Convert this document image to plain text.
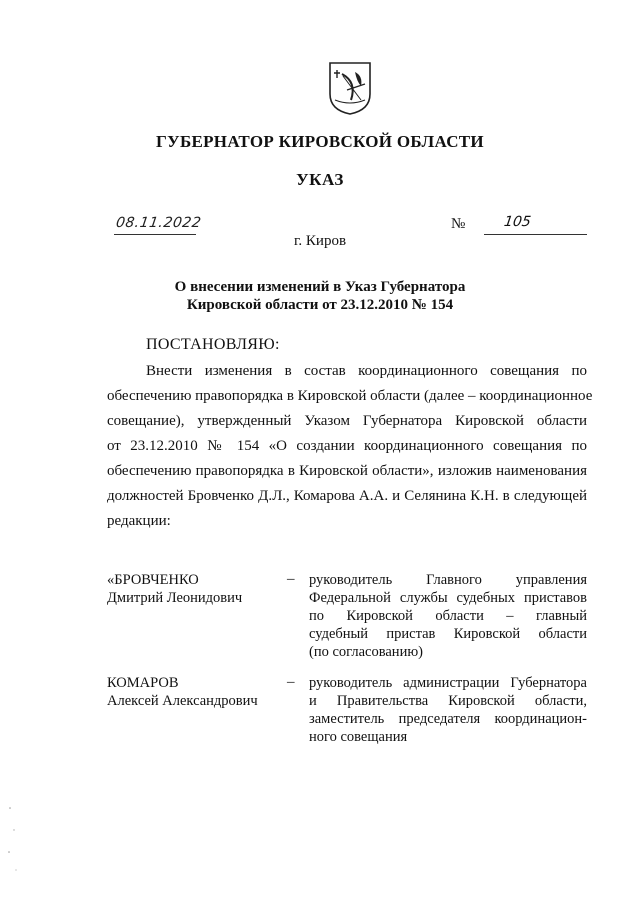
ГУБЕРНАТОР КИРОВСКОЙ ОБЛАСТИ
УКАЗ
08.11.2022	№	105
г. Киров
О внесении изменений в Указ Губернатора
Кировской области от 23.12.2010 № 154
ПОСТАНОВЛЯЮ:
Внести изменения в состав координационного совещания по
обеспечению правопорядка в Кировской области (далее – координационное
совещание), утвержденный Указом Губернатора Кировской области
от 23.12.2010 № 154 «О создании координационного совещания по
обеспечению правопорядка в Кировской области», изложив наименования
должностей Бровченко Д.Л., Комарова А.А. и Селянина К.Н. в следующей
редакции:
«БРОВЧЕНКО
Дмитрий Леонидович
– руководитель Главного управления
Федеральной службы судебных приставов
по Кировской области – главный
судебный пристав Кировской области
(по согласованию)
КОМАРОВ
Алексей Александрович
– руководитель администрации Губернатора
и Правительства Кировской области,
заместитель председателя координацион-
ного совещания
